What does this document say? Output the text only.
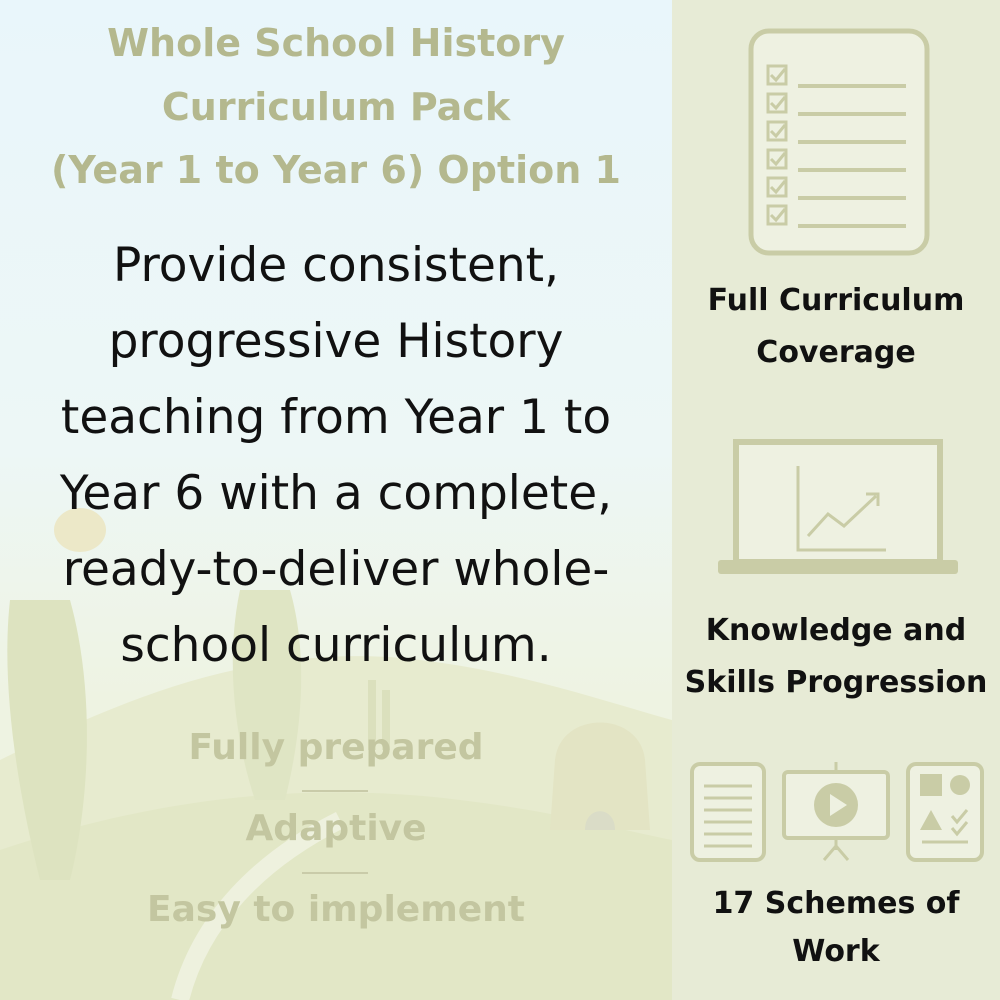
Whole School History
Curriculum Pack
(Year 1 to Year 6) Option 1
Provide consistent,
progressive History
teaching from Year 1 to
Year 6 with a complete,
ready-to-deliver whole-
school curriculum.
Fully prepared
Adaptive
Easy to implement
Full Curriculum
Coverage
Knowledge and
Skills Progression
17 Schemes of
Work
